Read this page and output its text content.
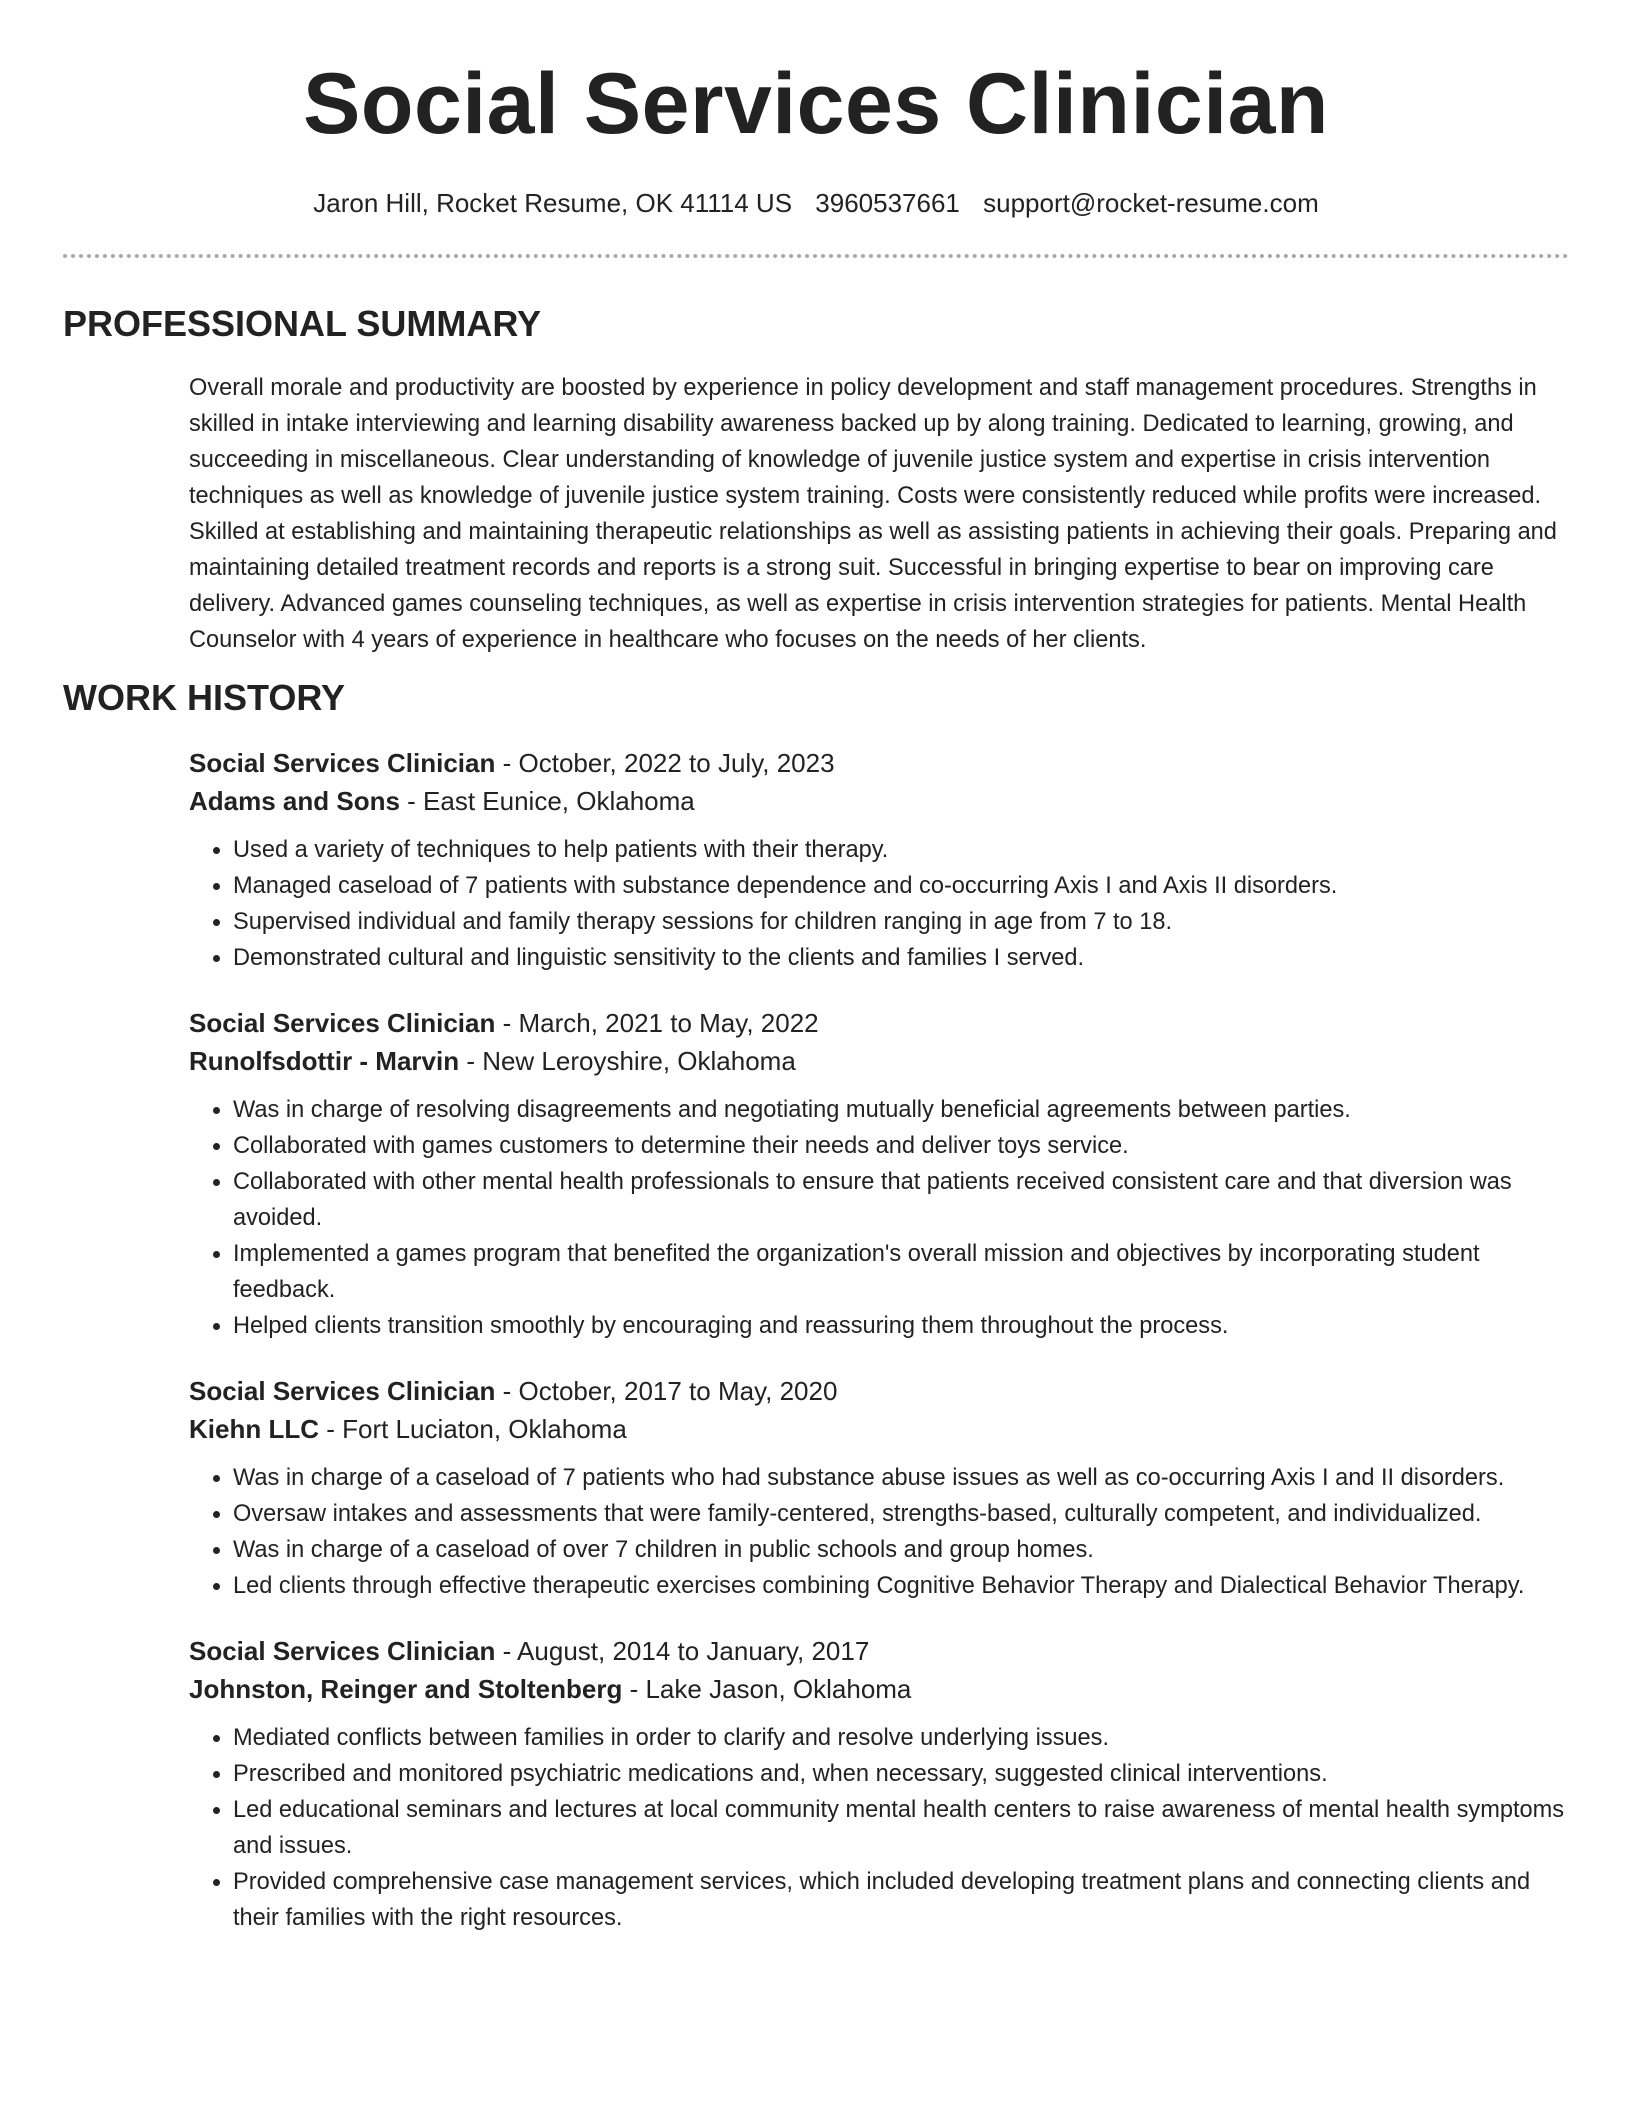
Social Services Clinician
Jaron Hill, Rocket Resume, OK 41114 US 3960537661 support@rocket-resume.com
PROFESSIONAL SUMMARY
Overall morale and productivity are boosted by experience in policy development and staff management procedures. Strengths in skilled in intake interviewing and learning disability awareness backed up by along training. Dedicated to learning, growing, and succeeding in miscellaneous. Clear understanding of knowledge of juvenile justice system and expertise in crisis intervention techniques as well as knowledge of juvenile justice system training. Costs were consistently reduced while profits were increased. Skilled at establishing and maintaining therapeutic relationships as well as assisting patients in achieving their goals. Preparing and maintaining detailed treatment records and reports is a strong suit. Successful in bringing expertise to bear on improving care delivery. Advanced games counseling techniques, as well as expertise in crisis intervention strategies for patients. Mental Health Counselor with 4 years of experience in healthcare who focuses on the needs of her clients.
WORK HISTORY
Social Services Clinician - October, 2022 to July, 2023
Adams and Sons - East Eunice, Oklahoma
• Used a variety of techniques to help patients with their therapy.
• Managed caseload of 7 patients with substance dependence and co-occurring Axis I and Axis II disorders.
• Supervised individual and family therapy sessions for children ranging in age from 7 to 18.
• Demonstrated cultural and linguistic sensitivity to the clients and families I served.
Social Services Clinician - March, 2021 to May, 2022
Runolfsdottir - Marvin - New Leroyshire, Oklahoma
• Was in charge of resolving disagreements and negotiating mutually beneficial agreements between parties.
• Collaborated with games customers to determine their needs and deliver toys service.
• Collaborated with other mental health professionals to ensure that patients received consistent care and that diversion was avoided.
• Implemented a games program that benefited the organization's overall mission and objectives by incorporating student feedback.
• Helped clients transition smoothly by encouraging and reassuring them throughout the process.
Social Services Clinician - October, 2017 to May, 2020
Kiehn LLC - Fort Luciaton, Oklahoma
• Was in charge of a caseload of 7 patients who had substance abuse issues as well as co-occurring Axis I and II disorders.
• Oversaw intakes and assessments that were family-centered, strengths-based, culturally competent, and individualized.
• Was in charge of a caseload of over 7 children in public schools and group homes.
• Led clients through effective therapeutic exercises combining Cognitive Behavior Therapy and Dialectical Behavior Therapy.
Social Services Clinician - August, 2014 to January, 2017
Johnston, Reinger and Stoltenberg - Lake Jason, Oklahoma
• Mediated conflicts between families in order to clarify and resolve underlying issues.
• Prescribed and monitored psychiatric medications and, when necessary, suggested clinical interventions.
• Led educational seminars and lectures at local community mental health centers to raise awareness of mental health symptoms and issues.
• Provided comprehensive case management services, which included developing treatment plans and connecting clients and their families with the right resources.
